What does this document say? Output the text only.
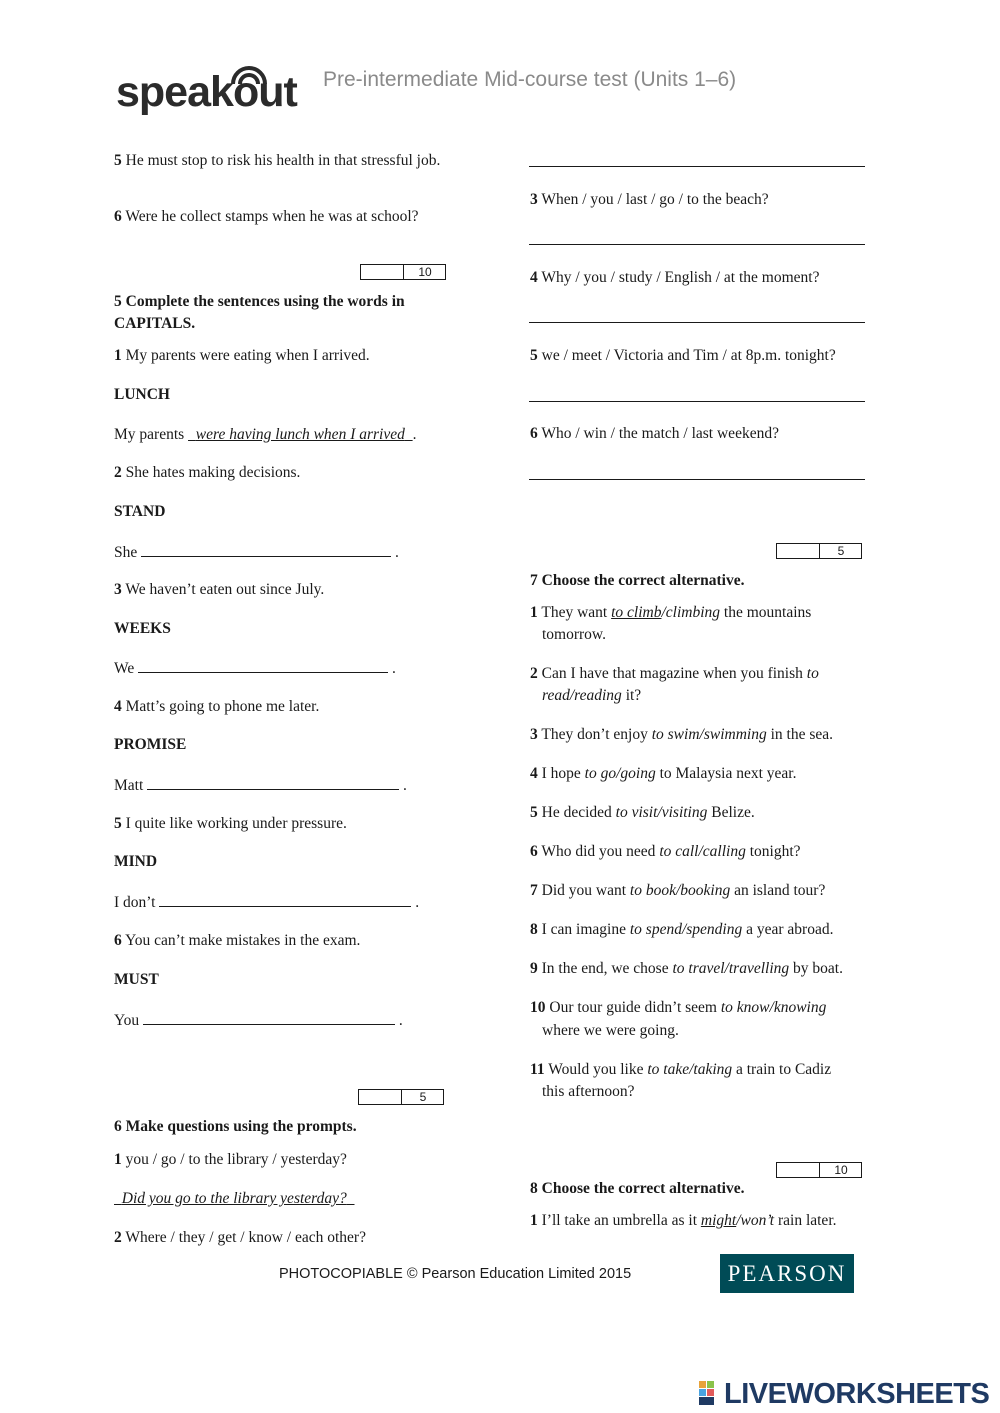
speakout Pre-intermediate Mid-course test (Units 1–6)
5 He must stop to risk his health in that stressful job.
6 Were he collect stamps when he was at school?
10
5 Complete the sentences using the words in
CAPITALS.
1 My parents were eating when I arrived.
LUNCH
My parents were having lunch when I arrived .
2 She hates making decisions.
STAND
She	.
3 We haven’t eaten out since July.
WEEKS
We	.
4 Matt’s going to phone me later.
PROMISE
Matt	.
5 I quite like working under pressure.
MIND
I don’t	.
6 You can’t make mistakes in the exam.
MUST
You	.
5
6 Make questions using the prompts.
1 you / go / to the library / yesterday?
Did you go to the library yesterday?
2 Where / they / get / know / each other?
3 When / you / last / go / to the beach?
4 Why / you / study / English / at the moment?
5 we / meet / Victoria and Tim / at 8p.m. tonight?
6 Who / win / the match / last weekend?
5
7 Choose the correct alternative.
1 They want to climb/climbing the mountains
tomorrow.
2 Can I have that magazine when you finish to
read/reading it?
3 They don’t enjoy to swim/swimming in the sea.
4 I hope to go/going to Malaysia next year.
5 He decided to visit/visiting Belize.
6 Who did you need to call/calling tonight?
7 Did you want to book/booking an island tour?
8 I can imagine to spend/spending a year abroad.
9 In the end, we chose to travel/travelling by boat.
10 Our tour guide didn’t seem to know/knowing
where we were going.
11 Would you like to take/taking a train to Cadiz
this afternoon?
10
8 Choose the correct alternative.
1 I’ll take an umbrella as it might/won’t rain later.
PHOTOCOPIABLE © Pearson Education Limited 2015	PEARSON
LIVEWORKSHEETS
